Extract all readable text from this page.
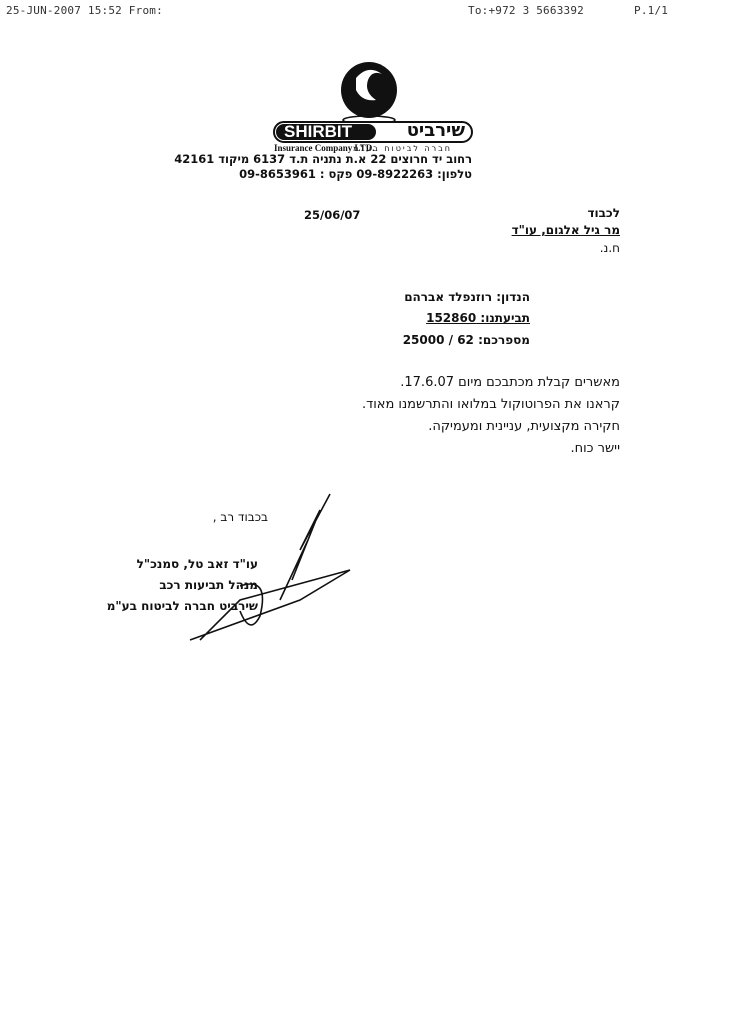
25-JUN-2007 15:52 From:	To:+972 3 5663392	P.1/1
SHIRBIT	שירביט
חברה לביטוח בע"מ
Insurance Company LTD.
רחוב יד חרוצים 22 א.ת נתניה ת.ד 6137 מיקוד 42161
טלפון: 09-8922263 פקס : 09-8653961
25/06/07	לכבוד
מר גיל אלגום, עו"ד
ח.נ.
הנדון: רוזנפלד אברהם
תביעתנו: 152860
מספרכם: 62 / 25000
מאשרים קבלת מכתבכם מיום 17.6.07.
קראנו את הפרוטוקול במלואו והתרשמנו מאוד.
חקירה מקצועית, עניינית ומעמיקה.
יישר כוח.
בכבוד רב ,
עו"ד זאב טל, סמנכ"ל
מנהל תביעות רכב
שירביט חברה לביטוח בע"מ
